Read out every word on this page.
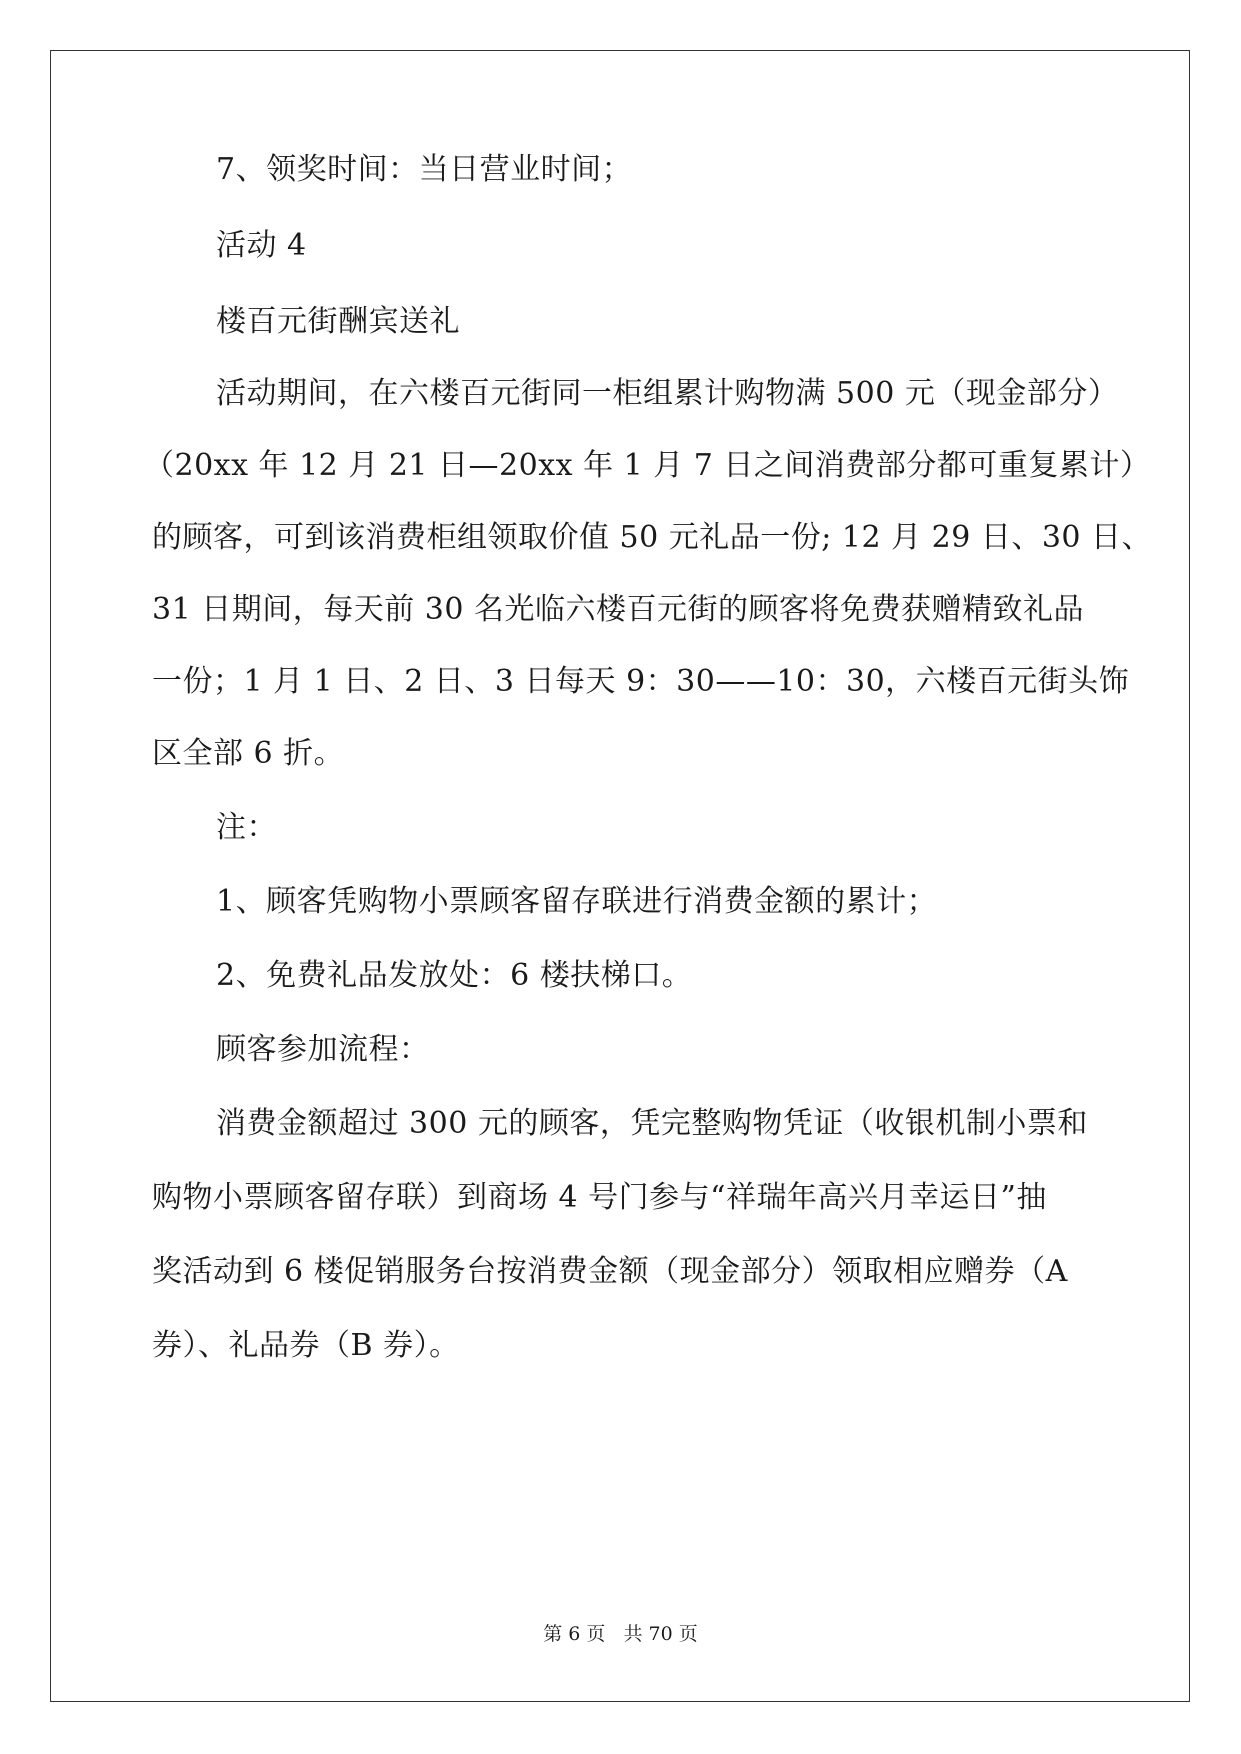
7、领奖时间：当日营业时间；
活动 4
楼百元街酬宾送礼
活动期间，在六楼百元街同一柜组累计购物满 500 元（现金部分）
（20xx 年 12 月 21 日—20xx 年 1 月 7 日之间消费部分都可重复累计）
的顾客，可到该消费柜组领取价值 50 元礼品一份; 12 月 29 日、30 日、
31 日期间，每天前 30 名光临六楼百元街的顾客将免费获赠精致礼品
一份；1 月 1 日、2 日、3 日每天 9：30——10：30，六楼百元街头饰
区全部 6 折。
注：
1、顾客凭购物小票顾客留存联进行消费金额的累计；
2、免费礼品发放处：6 楼扶梯口。
顾客参加流程：
消费金额超过 300 元的顾客，凭完整购物凭证（收银机制小票和
购物小票顾客留存联）到商场 4 号门参与“祥瑞年高兴月幸运日”抽
奖活动到 6 楼促销服务台按消费金额（现金部分）领取相应赠券（A
券）、礼品券（B 券）。
第 6 页 共 70 页
